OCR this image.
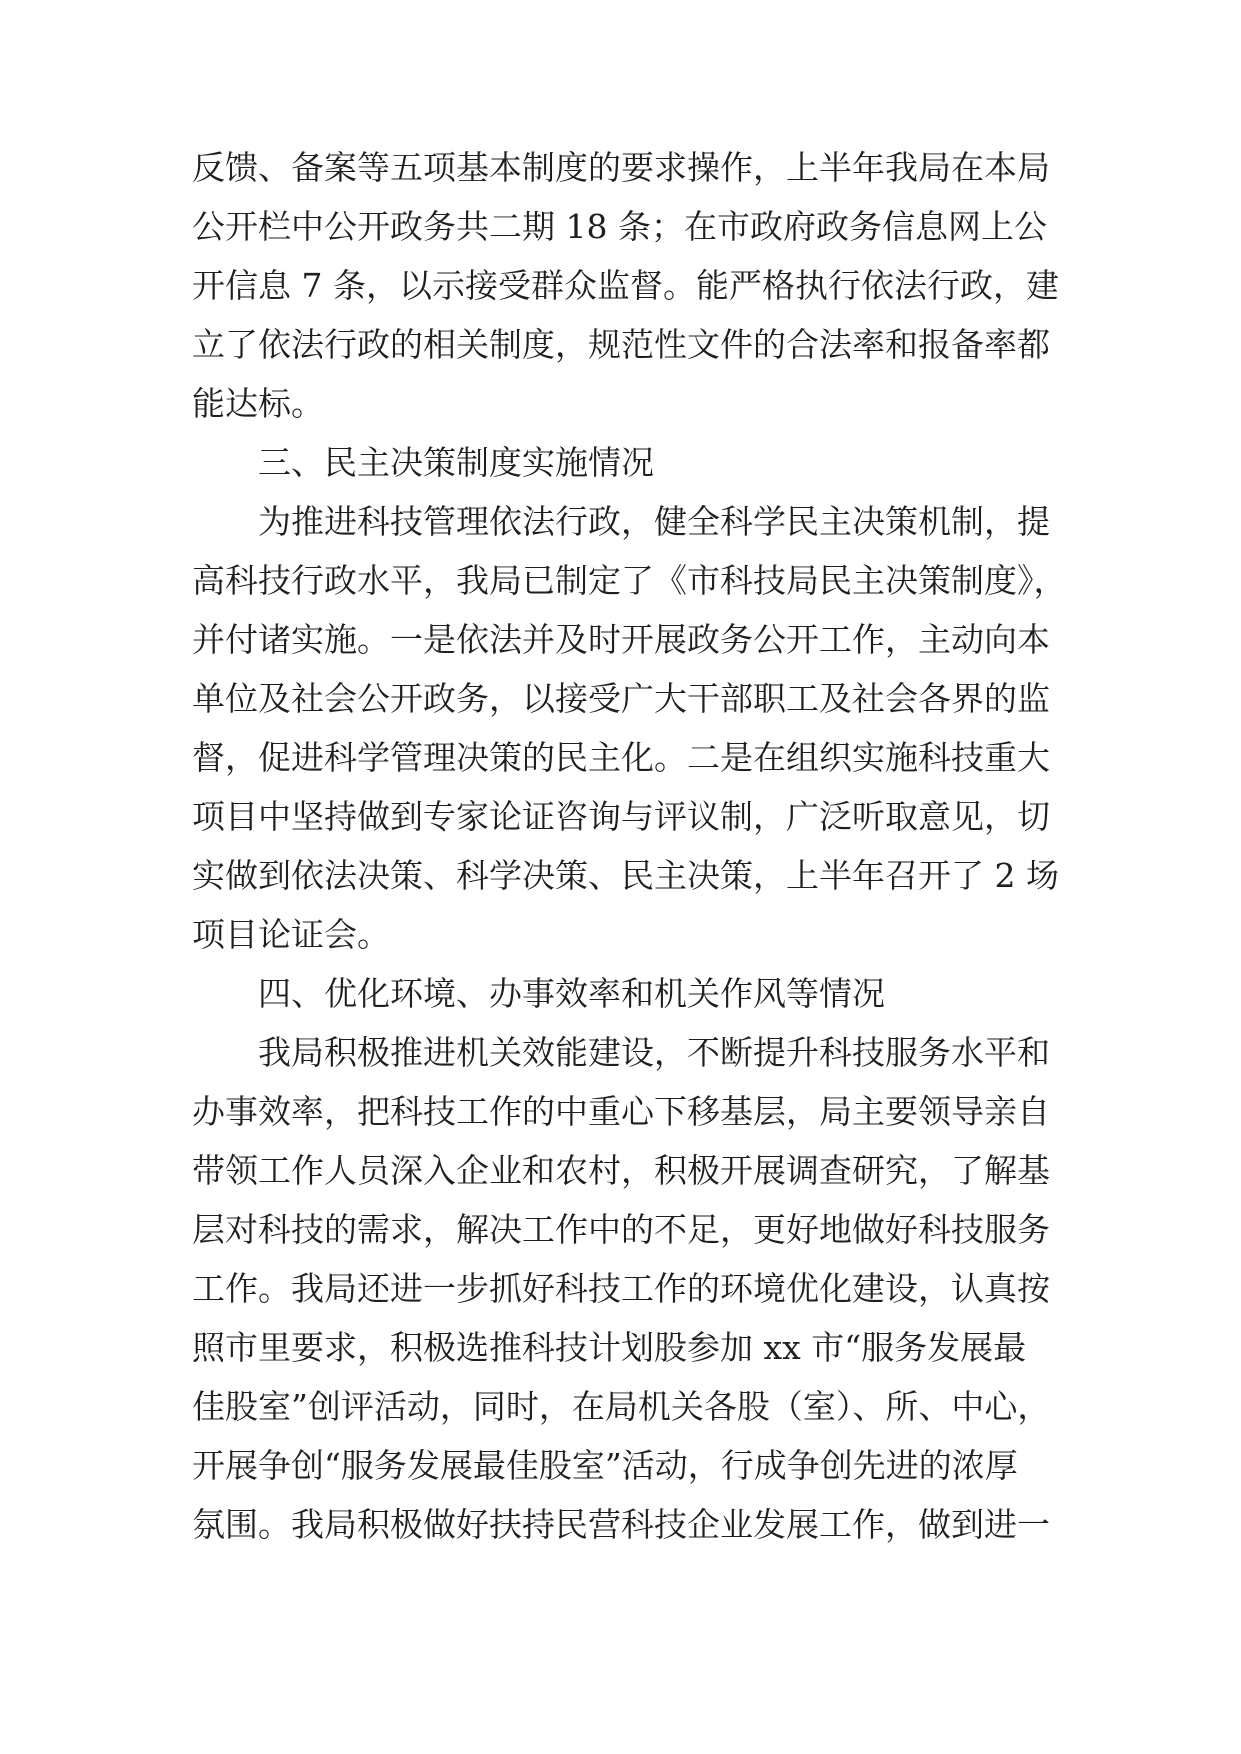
反馈、备案等五项基本制度的要求操作，上半年我局在本局
公开栏中公开政务共二期 18 条；在市政府政务信息网上公
开信息 7 条，以示接受群众监督。能严格执行依法行政，建
立了依法行政的相关制度，规范性文件的合法率和报备率都
能达标。
三、民主决策制度实施情况
为推进科技管理依法行政，健全科学民主决策机制，提
高科技行政水平，我局已制定了《市科技局民主决策制度》，
并付诸实施。一是依法并及时开展政务公开工作，主动向本
单位及社会公开政务，以接受广大干部职工及社会各界的监
督，促进科学管理决策的民主化。二是在组织实施科技重大
项目中坚持做到专家论证咨询与评议制，广泛听取意见，切
实做到依法决策、科学决策、民主决策，上半年召开了 2 场
项目论证会。
四、优化环境、办事效率和机关作风等情况
我局积极推进机关效能建设，不断提升科技服务水平和
办事效率，把科技工作的中重心下移基层，局主要领导亲自
带领工作人员深入企业和农村，积极开展调查研究，了解基
层对科技的需求，解决工作中的不足，更好地做好科技服务
工作。我局还进一步抓好科技工作的环境优化建设，认真按
照市里要求，积极选推科技计划股参加 xx 市“服务发展最
佳股室”创评活动，同时，在局机关各股（室）、所、中心，
开展争创“服务发展最佳股室”活动，行成争创先进的浓厚
氛围。我局积极做好扶持民营科技企业发展工作，做到进一
